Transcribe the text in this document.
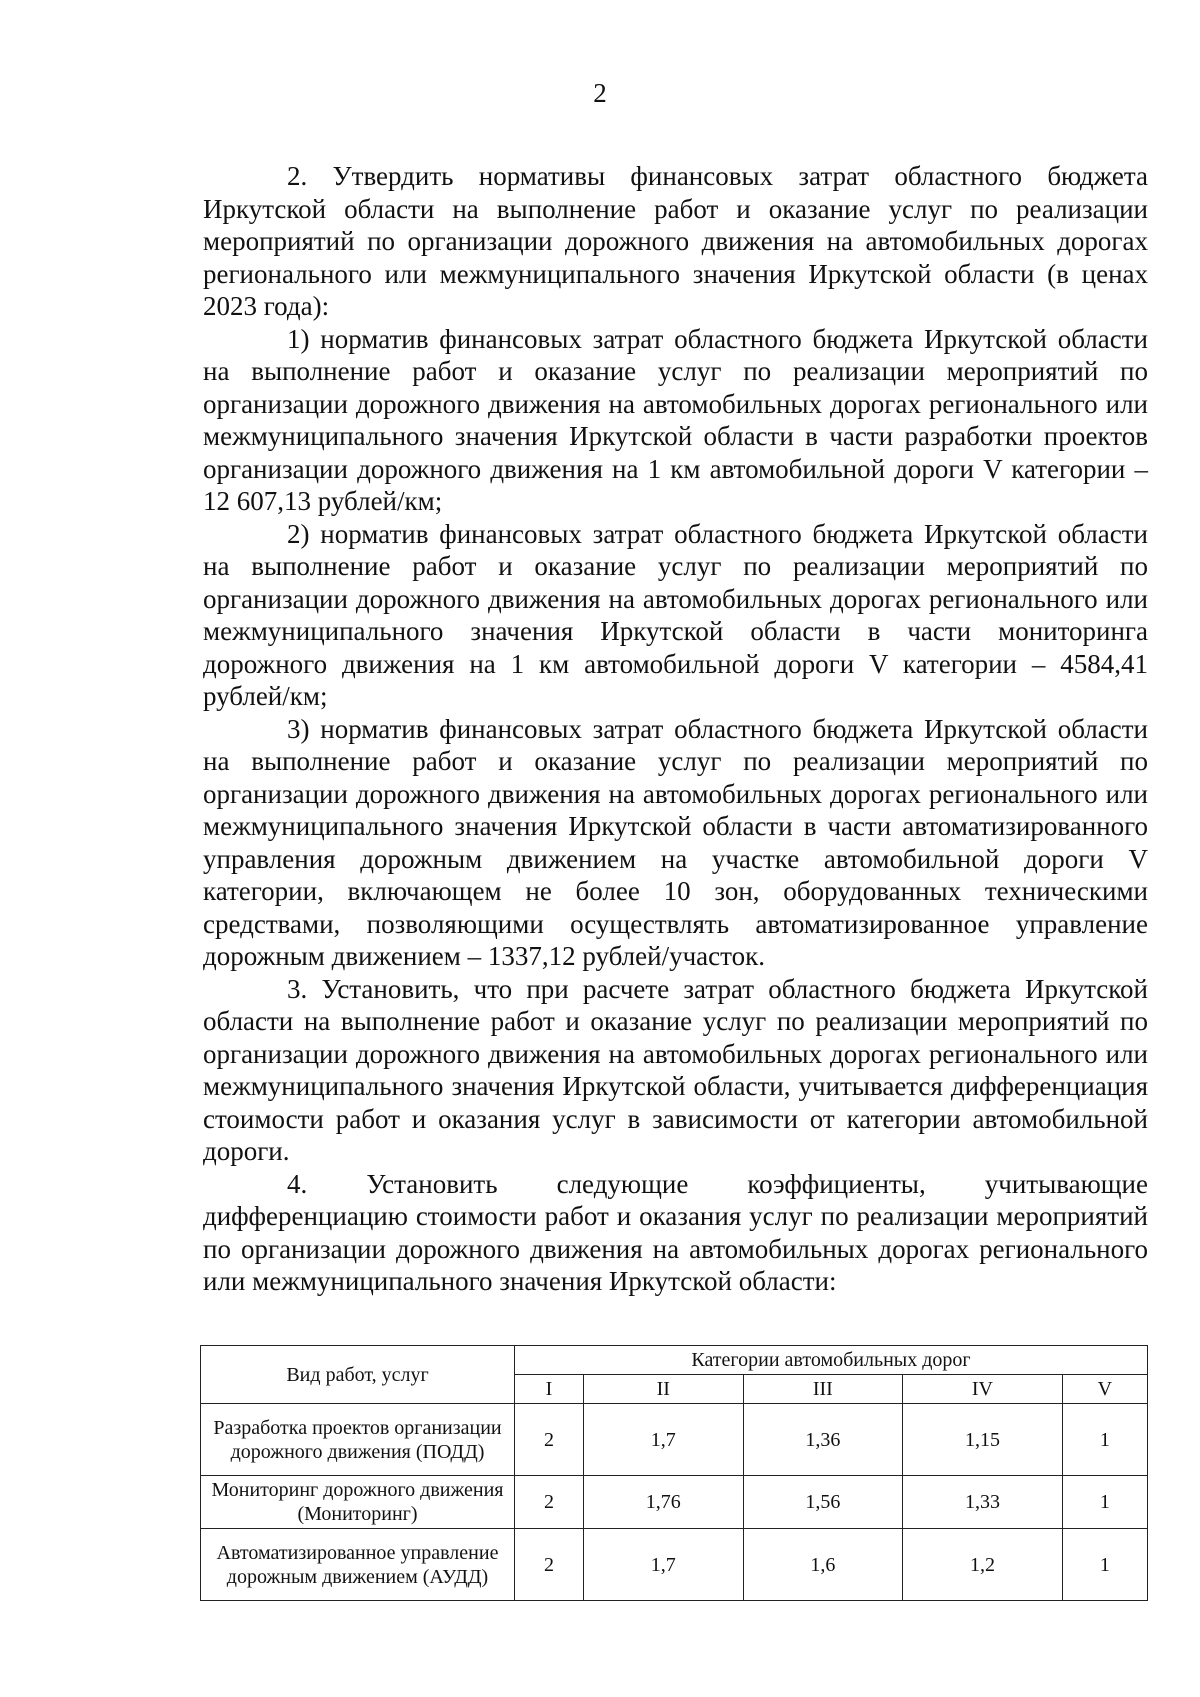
2

2. Утвердить нормативы финансовых затрат областного бюджета Иркутской области на выполнение работ и оказание услуг по реализации мероприятий по организации дорожного движения на автомобильных дорогах регионального или межмуниципального значения Иркутской области (в ценах 2023 года):

1) норматив финансовых затрат областного бюджета Иркутской области на выполнение работ и оказание услуг по реализации мероприятий по организации дорожного движения на автомобильных дорогах регионального или межмуниципального значения Иркутской области в части разработки проектов организации дорожного движения на 1 км автомобильной дороги V категории – 12 607,13 рублей/км;

2) норматив финансовых затрат областного бюджета Иркутской области на выполнение работ и оказание услуг по реализации мероприятий по организации дорожного движения на автомобильных дорогах регионального или межмуниципального значения Иркутской области в части мониторинга дорожного движения на 1 км автомобильной дороги V категории – 4584,41 рублей/км;

3) норматив финансовых затрат областного бюджета Иркутской области на выполнение работ и оказание услуг по реализации мероприятий по организации дорожного движения на автомобильных дорогах регионального или межмуниципального значения Иркутской области в части автоматизированного управления дорожным движением на участке автомобильной дороги V категории, включающем не более 10 зон, оборудованных техническими средствами, позволяющими осуществлять автоматизированное управление дорожным движением – 1337,12 рублей/участок.

3. Установить, что при расчете затрат областного бюджета Иркутской области на выполнение работ и оказание услуг по реализации мероприятий по организации дорожного движения на автомобильных дорогах регионального или межмуниципального значения Иркутской области, учитывается дифференциация стоимости работ и оказания услуг в зависимости от категории автомобильной дороги.

4. Установить следующие коэффициенты, учитывающие дифференциацию стоимости работ и оказания услуг по реализации мероприятий по организации дорожного движения на автомобильных дорогах регионального или межмуниципального значения Иркутской области:

Вид работ, услуг	Категории автомобильных дорог				
	I	II	III	IV	V
Разработка проектов организации дорожного движения (ПОДД)	2	1,7	1,36	1,15	1
Мониторинг дорожного движения (Мониторинг)	2	1,76	1,56	1,33	1
Автоматизированное управление дорожным движением (АУДД)	2	1,7	1,6	1,2	1
